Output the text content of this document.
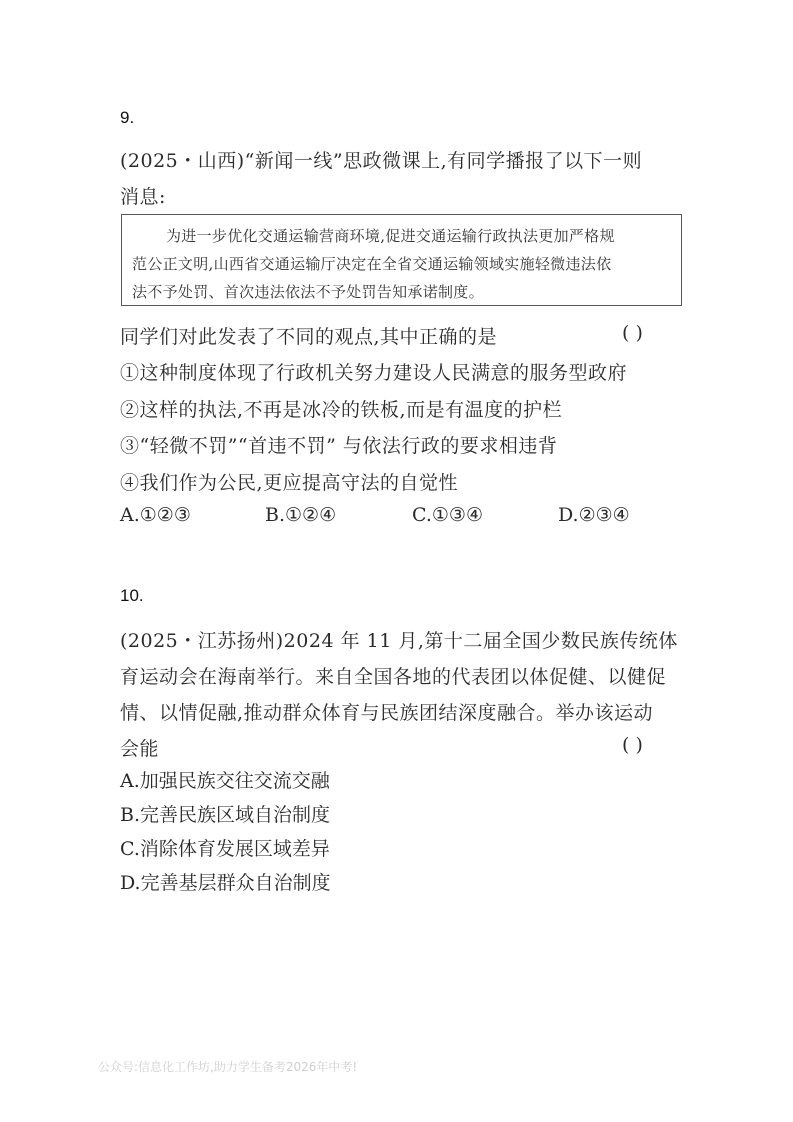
9.
(2025・山西)“新闻一线”思政微课上,有同学播报了以下一则
消息:
为进一步优化交通运输营商环境,促进交通运输行政执法更加严格规
范公正文明,山西省交通运输厅决定在全省交通运输领域实施轻微违法依
法不予处罚、首次违法依法不予处罚告知承诺制度。
同学们对此发表了不同的观点,其中正确的是	( )
①这种制度体现了行政机关努力建设人民满意的服务型政府
②这样的执法,不再是冰冷的铁板,而是有温度的护栏
③“轻微不罚”“首违不罚” 与依法行政的要求相违背
④我们作为公民,更应提高守法的自觉性
A.①②③	B.①②④	C.①③④	D.②③④
10.
(2025・江苏扬州)2024 年 11 月,第十二届全国少数民族传统体
育运动会在海南举行。来自全国各地的代表团以体促健、以健促
情、以情促融,推动群众体育与民族团结深度融合。举办该运动
会能	( )
A.加强民族交往交流交融
B.完善民族区域自治制度
C.消除体育发展区域差异
D.完善基层群众自治制度
公众号:信息化工作坊,助力学生备考2026年中考!
